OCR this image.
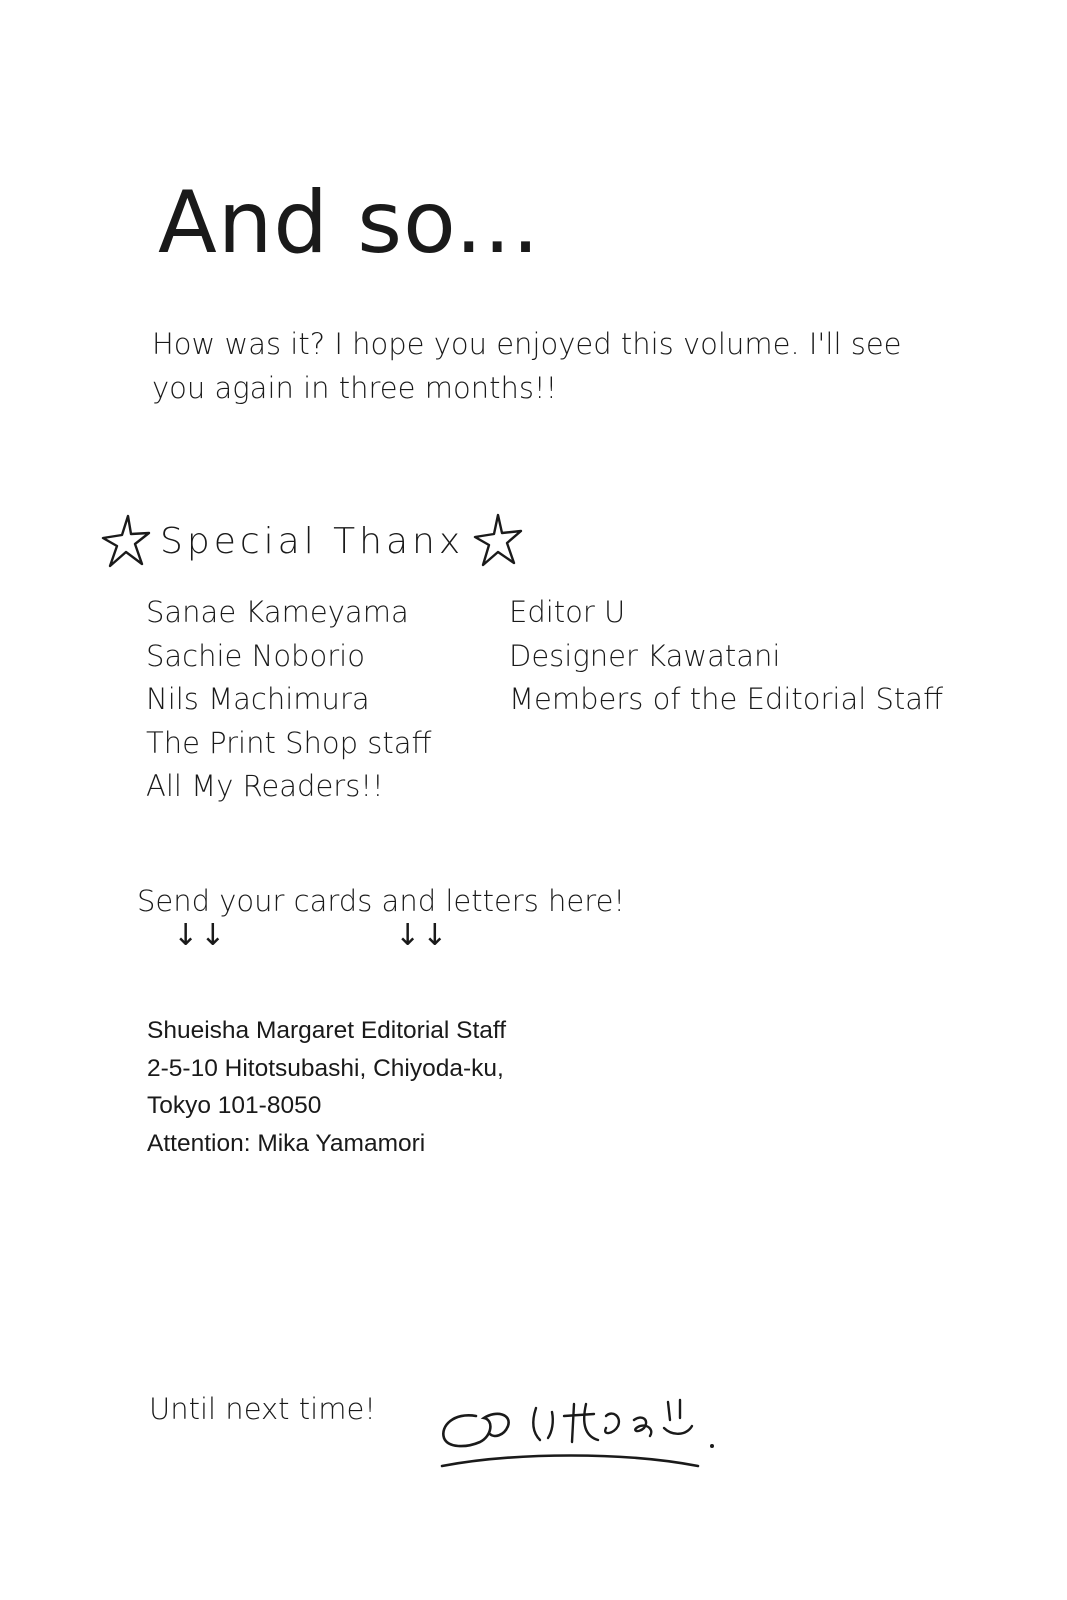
And so...
How was it? I hope you enjoyed this volume. I'll see you again in three months!!
Special Thanx
Sanae Kameyama
Sachie Noborio
Nils Machimura
The Print Shop staff
All My Readers!!
Editor U
Designer Kawatani
Members of the Editorial Staff
Send your cards and letters here!
↓↓	↓↓
Shueisha Margaret Editorial Staff
2-5-10 Hitotsubashi, Chiyoda-ku,
Tokyo 101-8050
Attention: Mika Yamamori
Until next time!
